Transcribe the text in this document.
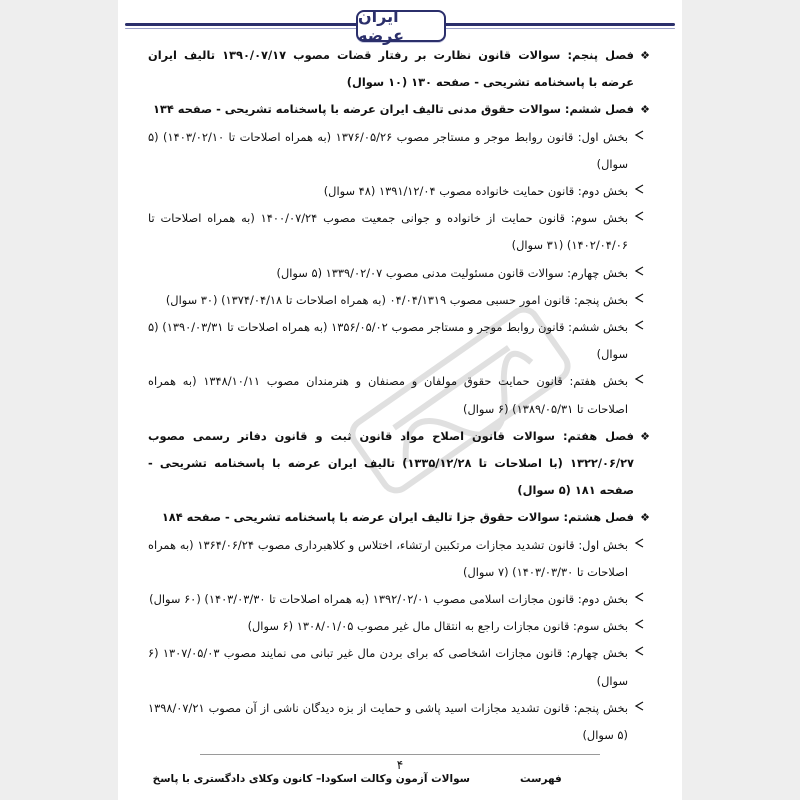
ایران عرضه
❖
فصل پنجم: سوالات قانون نظارت بر رفتار قضات مصوب ۱۳۹۰/۰۷/۱۷ تالیف ایران عرضه با پاسخنامه تشریحی - صفحه ۱۳۰ (۱۰ سوال)
❖
فصل ششم: سوالات حقوق مدنی تالیف ایران عرضه با پاسخنامه تشریحی - صفحه ۱۳۴
بخش اول: قانون روابط موجر و مستاجر مصوب ۱۳۷۶/۰۵/۲۶ (به همراه اصلاحات تا ۱۴۰۳/۰۲/۱۰) (۵ سوال)
بخش دوم: قانون حمایت خانواده مصوب ۱۳۹۱/۱۲/۰۴ (۴۸ سوال)
بخش سوم: قانون حمایت از خانواده و جوانی جمعیت مصوب ۱۴۰۰/۰۷/۲۴ (به همراه اصلاحات تا ۱۴۰۲/۰۴/۰۶) (۳۱ سوال)
بخش چهارم: سوالات قانون مسئولیت مدنی مصوب ۱۳۳۹/۰۲/۰۷ (۵ سوال)
بخش پنجم: قانون امور حسبی مصوب ۰۴/۰۴/۱۳۱۹ (به همراه اصلاحات تا ۱۳۷۴/۰۴/۱۸) (۳۰ سوال)
بخش ششم: قانون روابط موجر و مستاجر مصوب ۱۳۵۶/۰۵/۰۲ (به همراه اصلاحات تا ۱۳۹۰/۰۳/۳۱) (۵ سوال)
بخش هفتم: قانون حمایت حقوق مولفان و مصنفان و هنرمندان مصوب ۱۳۴۸/۱۰/۱۱ (به همراه اصلاحات تا ۱۳۸۹/۰۵/۳۱) (۶ سوال)
❖
فصل هفتم: سوالات قانون اصلاح مواد قانون ثبت و قانون دفاتر رسمی مصوب ۱۳۲۲/۰۶/۲۷ (با اصلاحات تا ۱۳۳۵/۱۲/۲۸) تالیف ایران عرضه با پاسخنامه تشریحی - صفحه ۱۸۱ (۵ سوال)
❖
فصل هشتم: سوالات حقوق جزا تالیف ایران عرضه با پاسخنامه تشریحی - صفحه ۱۸۴
بخش اول: قانون تشدید مجازات مرتکبین ارتشاء، اختلاس و کلاهبرداری مصوب ۱۳۶۴/۰۶/۲۴ (به همراه اصلاحات تا ۱۴۰۳/۰۳/۳۰) (۷ سوال)
بخش دوم: قانون مجازات اسلامی مصوب ۱۳۹۲/۰۲/۰۱ (به همراه اصلاحات تا ۱۴۰۳/۰۳/۳۰) (۶۰ سوال)
بخش سوم: قانون مجازات راجع به انتقال مال غیر مصوب ۱۳۰۸/۰۱/۰۵ (۶ سوال)
بخش چهارم: قانون مجازات اشخاصی که برای بردن مال غیر تبانی می نمایند مصوب ۱۳۰۷/۰۵/۰۳ (۶ سوال)
بخش پنجم: قانون تشدید مجازات اسید پاشی و حمایت از بزه دیدگان ناشی از آن مصوب ۱۳۹۸/۰۷/۲۱ (۵ سوال)
۴
سوالات آزمون وکالت اسکودا– کانون وکلای دادگستری با پاسخ	فهرست
